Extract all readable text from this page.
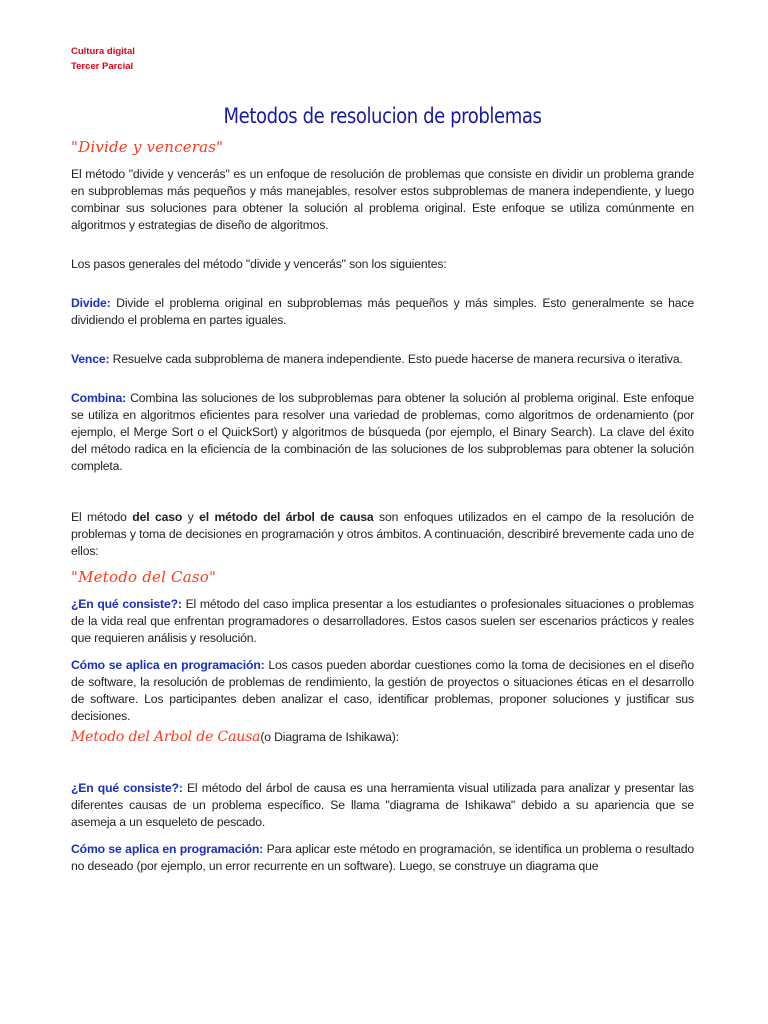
Cultura digital
Tercer Parcial
Metodos de resolucion de problemas
"Divide y venceras"

El método "divide y vencerás" es un enfoque de resolución de problemas que consiste en dividir un problema grande en subproblemas más pequeños y más manejables, resolver estos subproblemas de manera independiente, y luego combinar sus soluciones para obtener la solución al problema original. Este enfoque se utiliza comúnmente en algoritmos y estrategias de diseño de algoritmos.

Los pasos generales del método "divide y vencerás" son los siguientes:

Divide: Divide el problema original en subproblemas más pequeños y más simples. Esto generalmente se hace dividiendo el problema en partes iguales.

Vence: Resuelve cada subproblema de manera independiente. Esto puede hacerse de manera recursiva o iterativa.

Combina: Combina las soluciones de los subproblemas para obtener la solución al problema original. Este enfoque se utiliza en algoritmos eficientes para resolver una variedad de problemas, como algoritmos de ordenamiento (por ejemplo, el Merge Sort o el QuickSort) y algoritmos de búsqueda (por ejemplo, el Binary Search). La clave del éxito del método radica en la eficiencia de la combinación de las soluciones de los subproblemas para obtener la solución completa.

El método del caso y el método del árbol de causa son enfoques utilizados en el campo de la resolución de problemas y toma de decisiones en programación y otros ámbitos. A continuación, describiré brevemente cada uno de ellos:

"Metodo del Caso"

¿En qué consiste?: El método del caso implica presentar a los estudiantes o profesionales situaciones o problemas de la vida real que enfrentan programadores o desarrolladores. Estos casos suelen ser escenarios prácticos y reales que requieren análisis y resolución.

Cómo se aplica en programación: Los casos pueden abordar cuestiones como la toma de decisiones en el diseño de software, la resolución de problemas de rendimiento, la gestión de proyectos o situaciones éticas en el desarrollo de software. Los participantes deben analizar el caso, identificar problemas, proponer soluciones y justificar sus decisiones.

Metodo del Arbol de Causa(o Diagrama de Ishikawa):

¿En qué consiste?: El método del árbol de causa es una herramienta visual utilizada para analizar y presentar las diferentes causas de un problema específico. Se llama "diagrama de Ishikawa" debido a su apariencia que se asemeja a un esqueleto de pescado.

Cómo se aplica en programación: Para aplicar este método en programación, se identifica un problema o resultado no deseado (por ejemplo, un error recurrente en un software). Luego, se construye un diagrama que
